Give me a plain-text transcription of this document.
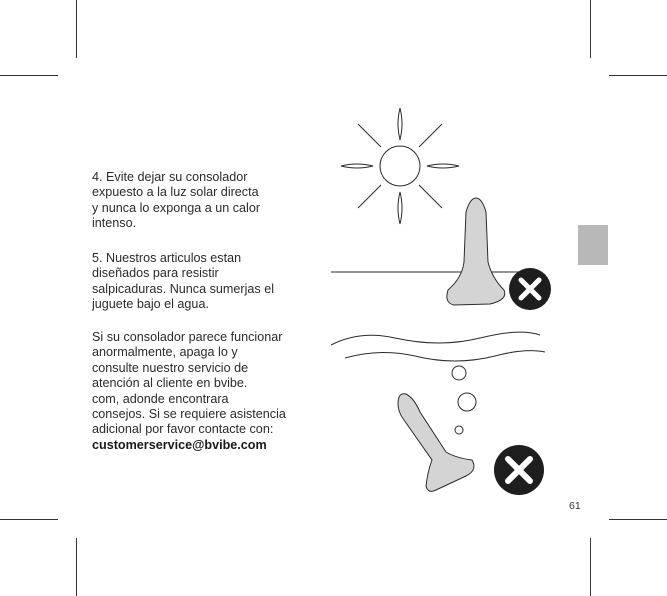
4. Evite dejar su consolador
expuesto a la luz solar directa
y nunca lo exponga a un calor
intenso.
5. Nuestros articulos estan
diseñados para resistir
salpicaduras. Nunca sumerjas el
juguete bajo el agua.
Si su consolador parece funcionar
anormalmente, apaga lo y
consulte nuestro servicio de
atención al cliente en bvibe.
com, adonde encontrara
consejos. Si se requiere asistencia
adicional por favor contacte con:
customerservice@bvibe.com
61
